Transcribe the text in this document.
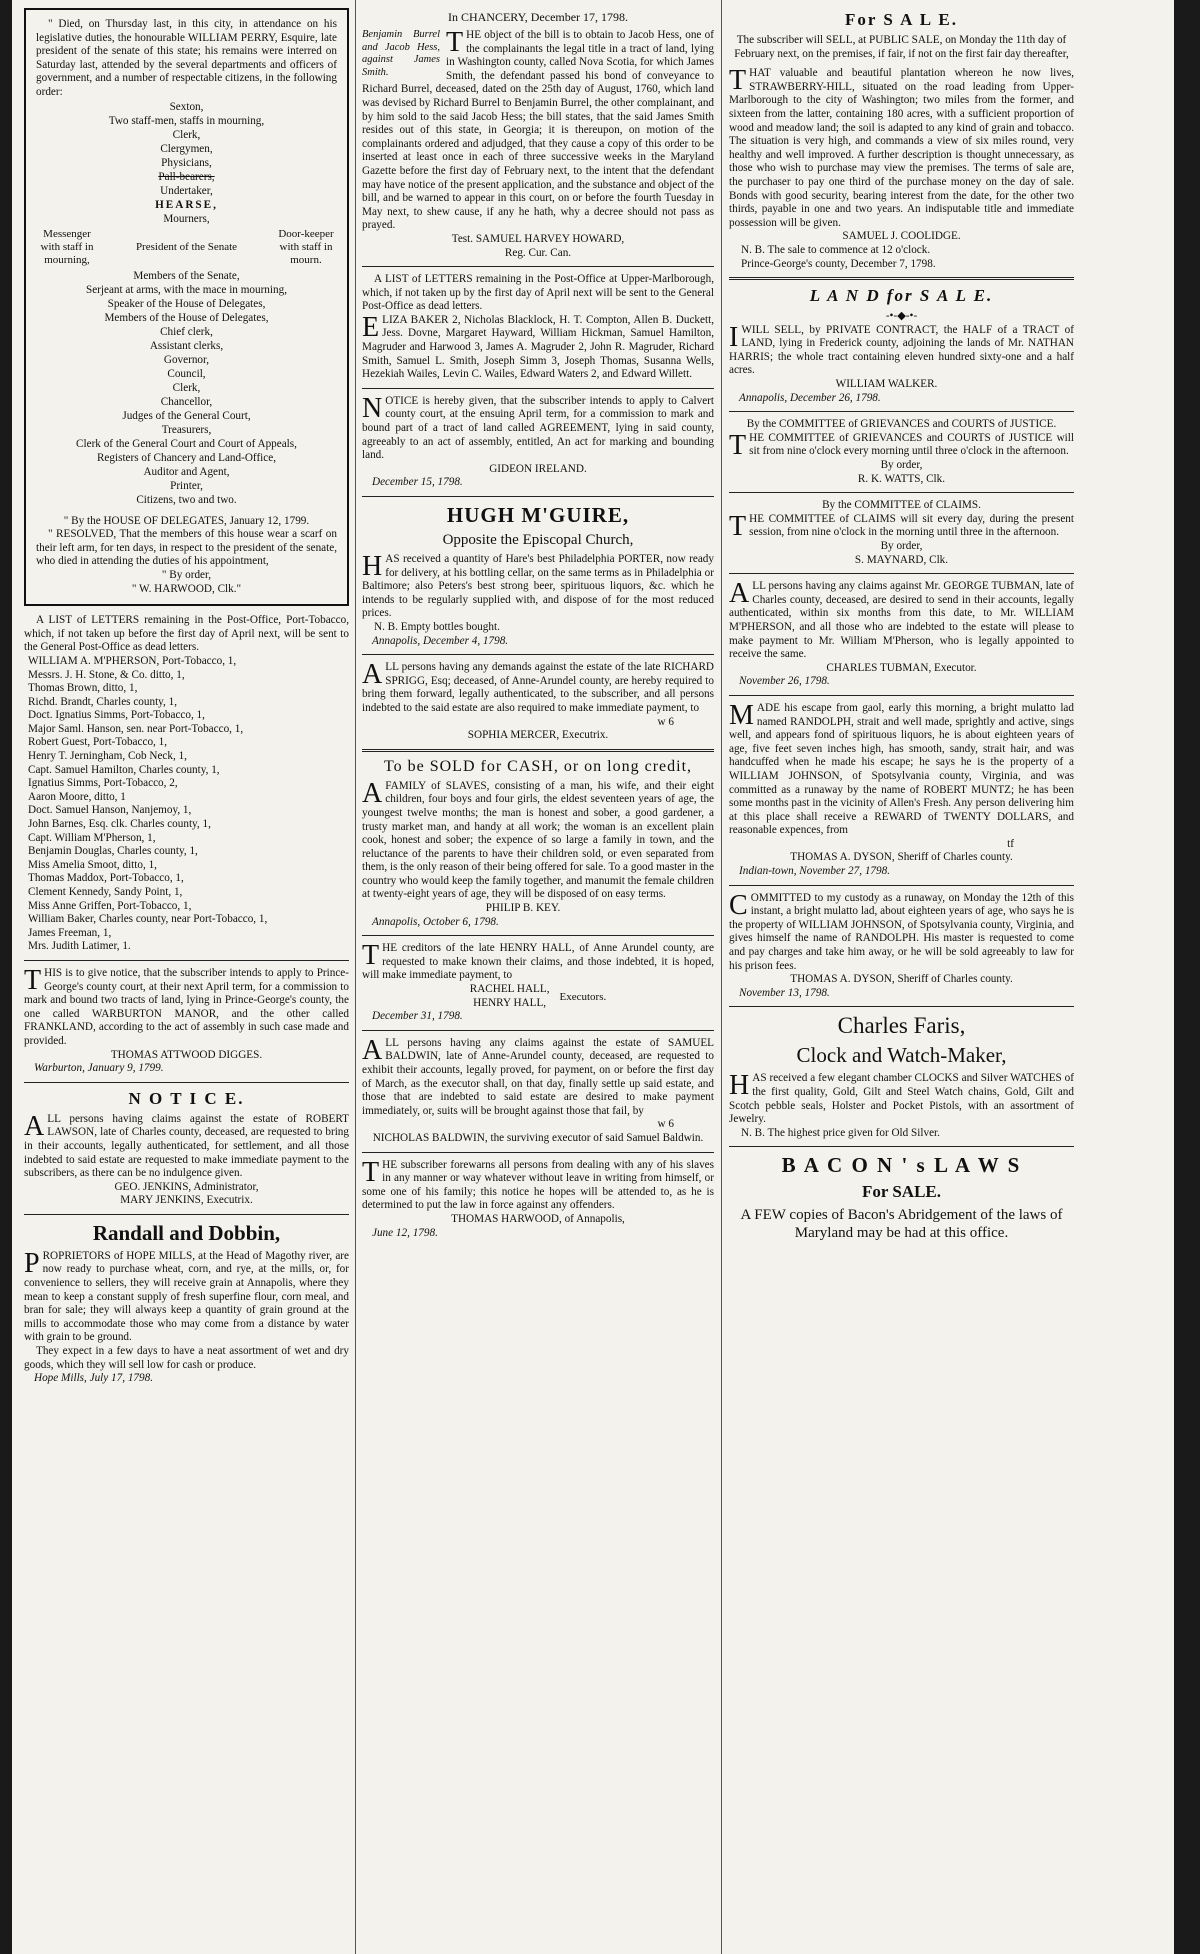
" Died, on Thursday last, in this city, in attendance on his legislative duties, the honourable WILLIAM PERRY, Esquire, late president of the senate of this state; his remains were interred on Saturday last, attended by the several departments and officers of government, and a number of respectable citizens, in the following order:

Sexton,

Two staff-men, staffs in mourning,

Clerk,

Clergymen,

Physicians,

Pall-bearers,

Undertaker,

HEARSE,

Mourners,

Messenger with staff in mourning,
President of the Senate
Door-keeper with staff in mourn.

Members of the Senate,

Serjeant at arms, with the mace in mourning,

Speaker of the House of Delegates,

Members of the House of Delegates,

Chief clerk,

Assistant clerks,

Governor,

Council,

Clerk,

Chancellor,

Judges of the General Court,

Treasurers,

Clerk of the General Court and Court of Appeals,

Registers of Chancery and Land-Office,

Auditor and Agent,

Printer,

Citizens, two and two.

" By the HOUSE OF DELEGATES, January 12, 1799.

" RESOLVED, That the members of this house wear a scarf on their left arm, for ten days, in respect to the president of the senate, who died in attending the duties of his appointment,

" By order,

" W. HARWOOD, Clk."

A LIST of LETTERS remaining in the Post-Office, Port-Tobacco, which, if not taken up before the first day of April next, will be sent to the General Post-Office as dead letters.

WILLIAM A. M'PHERSON, Port-Tobacco, 1,

Messrs. J. H. Stone, & Co. ditto, 1,

Thomas Brown, ditto, 1,

Richd. Brandt, Charles county, 1,

Doct. Ignatius Simms, Port-Tobacco, 1,

Major Saml. Hanson, sen. near Port-Tobacco, 1,

Robert Guest, Port-Tobacco, 1,

Henry T. Jerningham, Cob Neck, 1,

Capt. Samuel Hamilton, Charles county, 1,

Ignatius Simms, Port-Tobacco, 2,

Aaron Moore, ditto, 1

Doct. Samuel Hanson, Nanjemoy, 1,

John Barnes, Esq. clk. Charles county, 1,

Capt. William M'Pherson, 1,

Benjamin Douglas, Charles county, 1,

Miss Amelia Smoot, ditto, 1,

Thomas Maddox, Port-Tobacco, 1,

Clement Kennedy, Sandy Point, 1,

Miss Anne Griffen, Port-Tobacco, 1,

William Baker, Charles county, near Port-Tobacco, 1,

James Freeman, 1,

Mrs. Judith Latimer, 1.

THIS is to give notice, that the subscriber intends to apply to Prince-George's county court, at their next April term, for a commission to mark and bound two tracts of land, lying in Prince-George's county, the one called WARBURTON MANOR, and the other called FRANKLAND, according to the act of assembly in such case made and provided.

THOMAS ATTWOOD DIGGES.

Warburton, January 9, 1799.

N O T I C E.

ALL persons having claims against the estate of ROBERT LAWSON, late of Charles county, deceased, are requested to bring in their accounts, legally authenticated, for settlement, and all those indebted to said estate are requested to make immediate payment to the subscribers, as there can be no indulgence given.

GEO. JENKINS, Administrator,

MARY JENKINS, Executrix.

Randall and Dobbin,

PROPRIETORS of HOPE MILLS, at the Head of Magothy river, are now ready to purchase wheat, corn, and rye, at the mills, or, for convenience to sellers, they will receive grain at Annapolis, where they mean to keep a constant supply of fresh superfine flour, corn meal, and bran for sale; they will always keep a quantity of grain ground at the mills to accommodate those who may come from a distance by water with grain to be ground.

They expect in a few days to have a neat assortment of wet and dry goods, which they will sell low for cash or produce.

Hope Mills, July 17, 1798.

In CHANCERY, December 17, 1798.

Benjamin Burrel and Jacob Hess, against James Smith.

THE object of the bill is to obtain to Jacob Hess, one of the complainants the legal title in a tract of land, lying in Washington county, called Nova Scotia, for which James Smith, the defendant passed his bond of conveyance to Richard Burrel, deceased, dated on the 25th day of August, 1760, which land was devised by Richard Burrel to Benjamin Burrel, the other complainant, and by him sold to the said Jacob Hess; the bill states, that the said James Smith resides out of this state, in Georgia; it is thereupon, on motion of the complainants ordered and adjudged, that they cause a copy of this order to be inserted at least once in each of three successive weeks in the Maryland Gazette before the first day of February next, to the intent that the defendant may have notice of the present application, and the substance and object of the bill, and be warned to appear in this court, on or before the fourth Tuesday in May next, to shew cause, if any he hath, why a decree should not pass as prayed.

Test. SAMUEL HARVEY HOWARD,

Reg. Cur. Can.

A LIST of LETTERS remaining in the Post-Office at Upper-Marlborough, which, if not taken up by the first day of April next will be sent to the General Post-Office as dead letters.

ELIZA BAKER 2, Nicholas Blacklock, H. T. Compton, Allen B. Duckett, Jess. Dovne, Margaret Hayward, William Hickman, Samuel Hamilton, Magruder and Harwood 3, James A. Magruder 2, John R. Magruder, Richard Smith, Samuel L. Smith, Joseph Simm 3, Joseph Thomas, Susanna Wells, Hezekiah Wailes, Levin C. Wailes, Edward Waters 2, and Edward Willett.

NOTICE is hereby given, that the subscriber intends to apply to Calvert county court, at the ensuing April term, for a commission to mark and bound part of a tract of land called AGREEMENT, lying in said county, agreeably to an act of assembly, entitled, An act for marking and bounding land.

GIDEON IRELAND.

December 15, 1798.

HUGH M'GUIRE,
Opposite the Episcopal Church,

HAS received a quantity of Hare's best Philadelphia PORTER, now ready for delivery, at his bottling cellar, on the same terms as in Philadelphia or Baltimore; also Peters's best strong beer, spirituous liquors, &c. which he intends to be regularly supplied with, and dispose of for the most reduced prices.

N. B. Empty bottles bought.

Annapolis, December 4, 1798.

ALL persons having any demands against the estate of the late RICHARD SPRIGG, Esq; deceased, of Anne-Arundel county, are hereby required to bring them forward, legally authenticated, to the subscriber, and all persons indebted to the said estate are also required to make immediate payment, to

w 6

SOPHIA MERCER, Executrix.

To be SOLD for CASH, or on long credit,

AFAMILY of SLAVES, consisting of a man, his wife, and their eight children, four boys and four girls, the eldest seventeen years of age, the youngest twelve months; the man is honest and sober, a good gardener, a trusty market man, and handy at all work; the woman is an excellent plain cook, honest and sober; the expence of so large a family in town, and the reluctance of the parents to have their children sold, or even separated from them, is the only reason of their being offered for sale. To a good master in the country who would keep the family together, and manumit the female children at twenty-eight years of age, they will be disposed of on easy terms.

PHILIP B. KEY.

Annapolis, October 6, 1798.

THE creditors of the late HENRY HALL, of Anne Arundel county, are requested to make known their claims, and those indebted, it is hoped, will make immediate payment, to

RACHEL HALL,

HENRY HALL,	Executors.

December 31, 1798.

ALL persons having any claims against the estate of SAMUEL BALDWIN, late of Anne-Arundel county, deceased, are requested to exhibit their accounts, legally proved, for payment, on or before the first day of March, as the executor shall, on that day, finally settle up said estate, and those that are indebted to said estate are desired to make payment immediately, or, suits will be brought against those that fail, by

w 6

NICHOLAS BALDWIN, the surviving executor of said Samuel Baldwin.

THE subscriber forewarns all persons from dealing with any of his slaves in any manner or way whatever without leave in writing from himself, or some one of his family; this notice he hopes will be attended to, as he is determined to put the law in force against any offenders.

THOMAS HARWOOD, of Annapolis,

June 12, 1798.

For S A L E.

The subscriber will SELL, at PUBLIC SALE, on Monday the 11th day of February next, on the premises, if fair, if not on the first fair day thereafter,

THAT valuable and beautiful plantation whereon he now lives, STRAWBERRY-HILL, situated on the road leading from Upper-Marlborough to the city of Washington; two miles from the former, and sixteen from the latter, containing 180 acres, with a sufficient proportion of wood and meadow land; the soil is adapted to any kind of grain and tobacco. The situation is very high, and commands a view of six miles round, very healthy and well improved. A further description is thought unnecessary, as those who wish to purchase may view the premises. The terms of sale are, the purchaser to pay one third of the purchase money on the day of sale. Bonds with good security, bearing interest from the date, for the other two thirds, payable in one and two years. An indisputable title and immediate possession will be given.

SAMUEL J. COOLIDGE.

N. B. The sale to commence at 12 o'clock.

Prince-George's county, December 7, 1798.

L A N D for S A L E.

-•-◆-•-

IWILL SELL, by PRIVATE CONTRACT, the HALF of a TRACT of LAND, lying in Frederick county, adjoining the lands of Mr. NATHAN HARRIS; the whole tract containing eleven hundred sixty-one and a half acres.

WILLIAM WALKER.

Annapolis, December 26, 1798.

By the COMMITTEE of GRIEVANCES and COURTS of JUSTICE.

THE COMMITTEE of GRIEVANCES and COURTS of JUSTICE will sit from nine o'clock every morning until three o'clock in the afternoon.

By order,

R. K. WATTS, Clk.

By the COMMITTEE of CLAIMS.

THE COMMITTEE of CLAIMS will sit every day, during the present session, from nine o'clock in the morning until three in the afternoon.

By order,

S. MAYNARD, Clk.

ALL persons having any claims against Mr. GEORGE TUBMAN, late of Charles county, deceased, are desired to send in their accounts, legally authenticated, within six months from this date, to Mr. WILLIAM M'PHERSON, and all those who are indebted to the estate will please to make payment to Mr. William M'Pherson, who is legally appointed to receive the same.

CHARLES TUBMAN, Executor.

November 26, 1798.

MADE his escape from gaol, early this morning, a bright mulatto lad named RANDOLPH, strait and well made, sprightly and active, sings well, and appears fond of spirituous liquors, he is about eighteen years of age, five feet seven inches high, has smooth, sandy, strait hair, and was handcuffed when he made his escape; he says he is the property of a WILLIAM JOHNSON, of Spotsylvania county, Virginia, and was committed as a runaway by the name of ROBERT MUNTZ; he has been some months past in the vicinity of Allen's Fresh. Any person delivering him at this place shall receive a REWARD of TWENTY DOLLARS, and reasonable expences, from

tf

THOMAS A. DYSON, Sheriff of Charles county.

Indian-town, November 27, 1798.

COMMITTED to my custody as a runaway, on Monday the 12th of this instant, a bright mulatto lad, about eighteen years of age, who says he is the property of WILLIAM JOHNSON, of Spotsylvania county, Virginia, and gives himself the name of RANDOLPH. His master is requested to come and pay charges and take him away, or he will be sold agreeably to law for his prison fees.

THOMAS A. DYSON, Sheriff of Charles county.

November 13, 1798.

Charles Faris,
Clock and Watch-Maker,

HAS received a few elegant chamber CLOCKS and Silver WATCHES of the first quality, Gold, Gilt and Steel Watch chains, Gold, Gilt and Scotch pebble seals, Holster and Pocket Pistols, with an assortment of Jewelry.

N. B. The highest price given for Old Silver.

B A C O N ' s L A W S
For SALE.

A FEW copies of Bacon's Abridgement of the laws of Maryland may be had at this office.
